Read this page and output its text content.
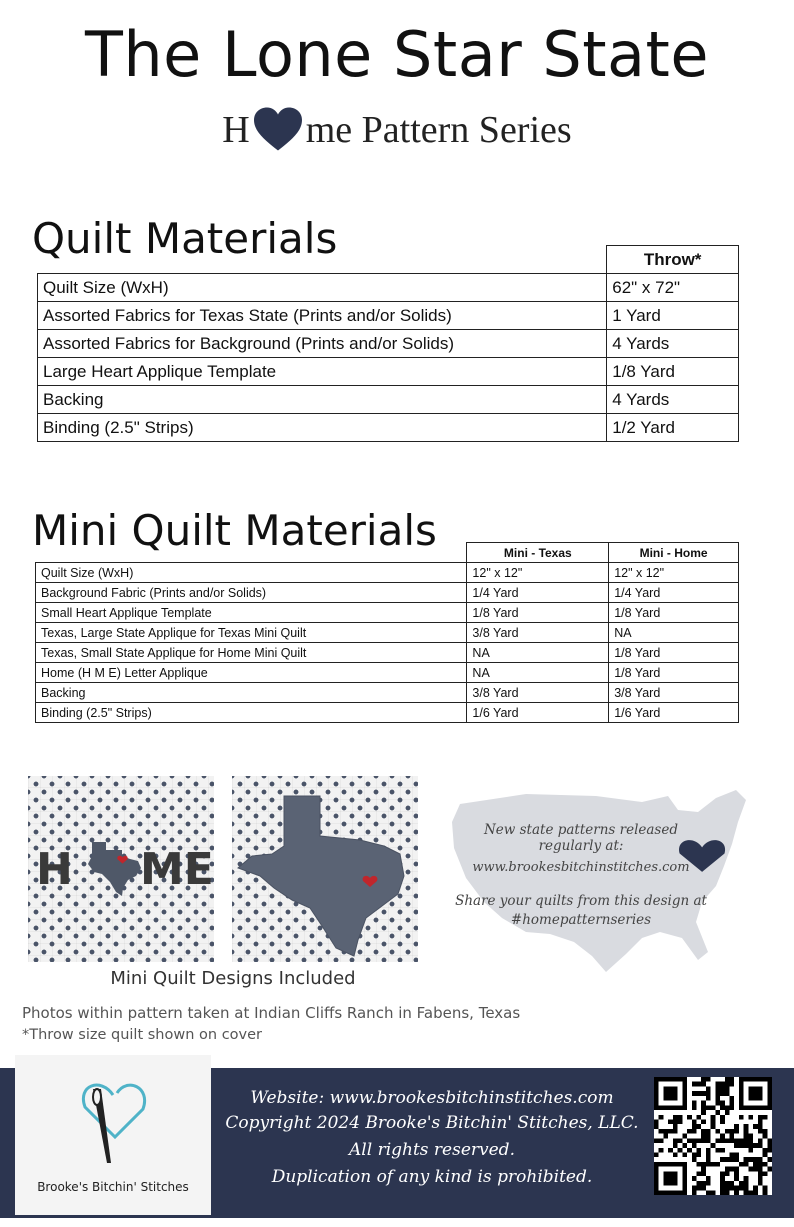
The Lone Star State
H me Pattern Series
Quilt Materials
		Throw*
Quilt Size (WxH)	62" x 72"
Assorted Fabrics for Texas State (Prints and/or Solids)	1 Yard
Assorted Fabrics for Background (Prints and/or Solids)	4 Yards
Large Heart Applique Template	1/8 Yard
Backing	4 Yards
Binding (2.5" Strips)	1/2 Yard
Mini Quilt Materials
		Mini - Texas	Mini - Home
Quilt Size (WxH)	12" x 12"	12" x 12"
Background Fabric (Prints and/or Solids)	1/4 Yard	1/4 Yard
Small Heart Applique Template	1/8 Yard	1/8 Yard
Texas, Large State Applique for Texas Mini Quilt	3/8 Yard	NA
Texas, Small State Applique for Home Mini Quilt	NA	1/8 Yard
Home (H M E) Letter Applique	NA	1/8 Yard
Backing	3/8 Yard	3/8 Yard
Binding (2.5" Strips)	1/6 Yard	1/6 Yard
H ME
Mini Quilt Designs Included
New state patterns released
regularly at:
www.brookesbitchinstitches.com
Share your quilts from this design at
#homepatternseries
Photos within pattern taken at Indian Cliffs Ranch in Fabens, Texas
*Throw size quilt shown on cover
Brooke's Bitchin' Stitches
Website: www.brookesbitchinstitches.com
Copyright 2024 Brooke's Bitchin' Stitches, LLC.
All rights reserved.
Duplication of any kind is prohibited.
